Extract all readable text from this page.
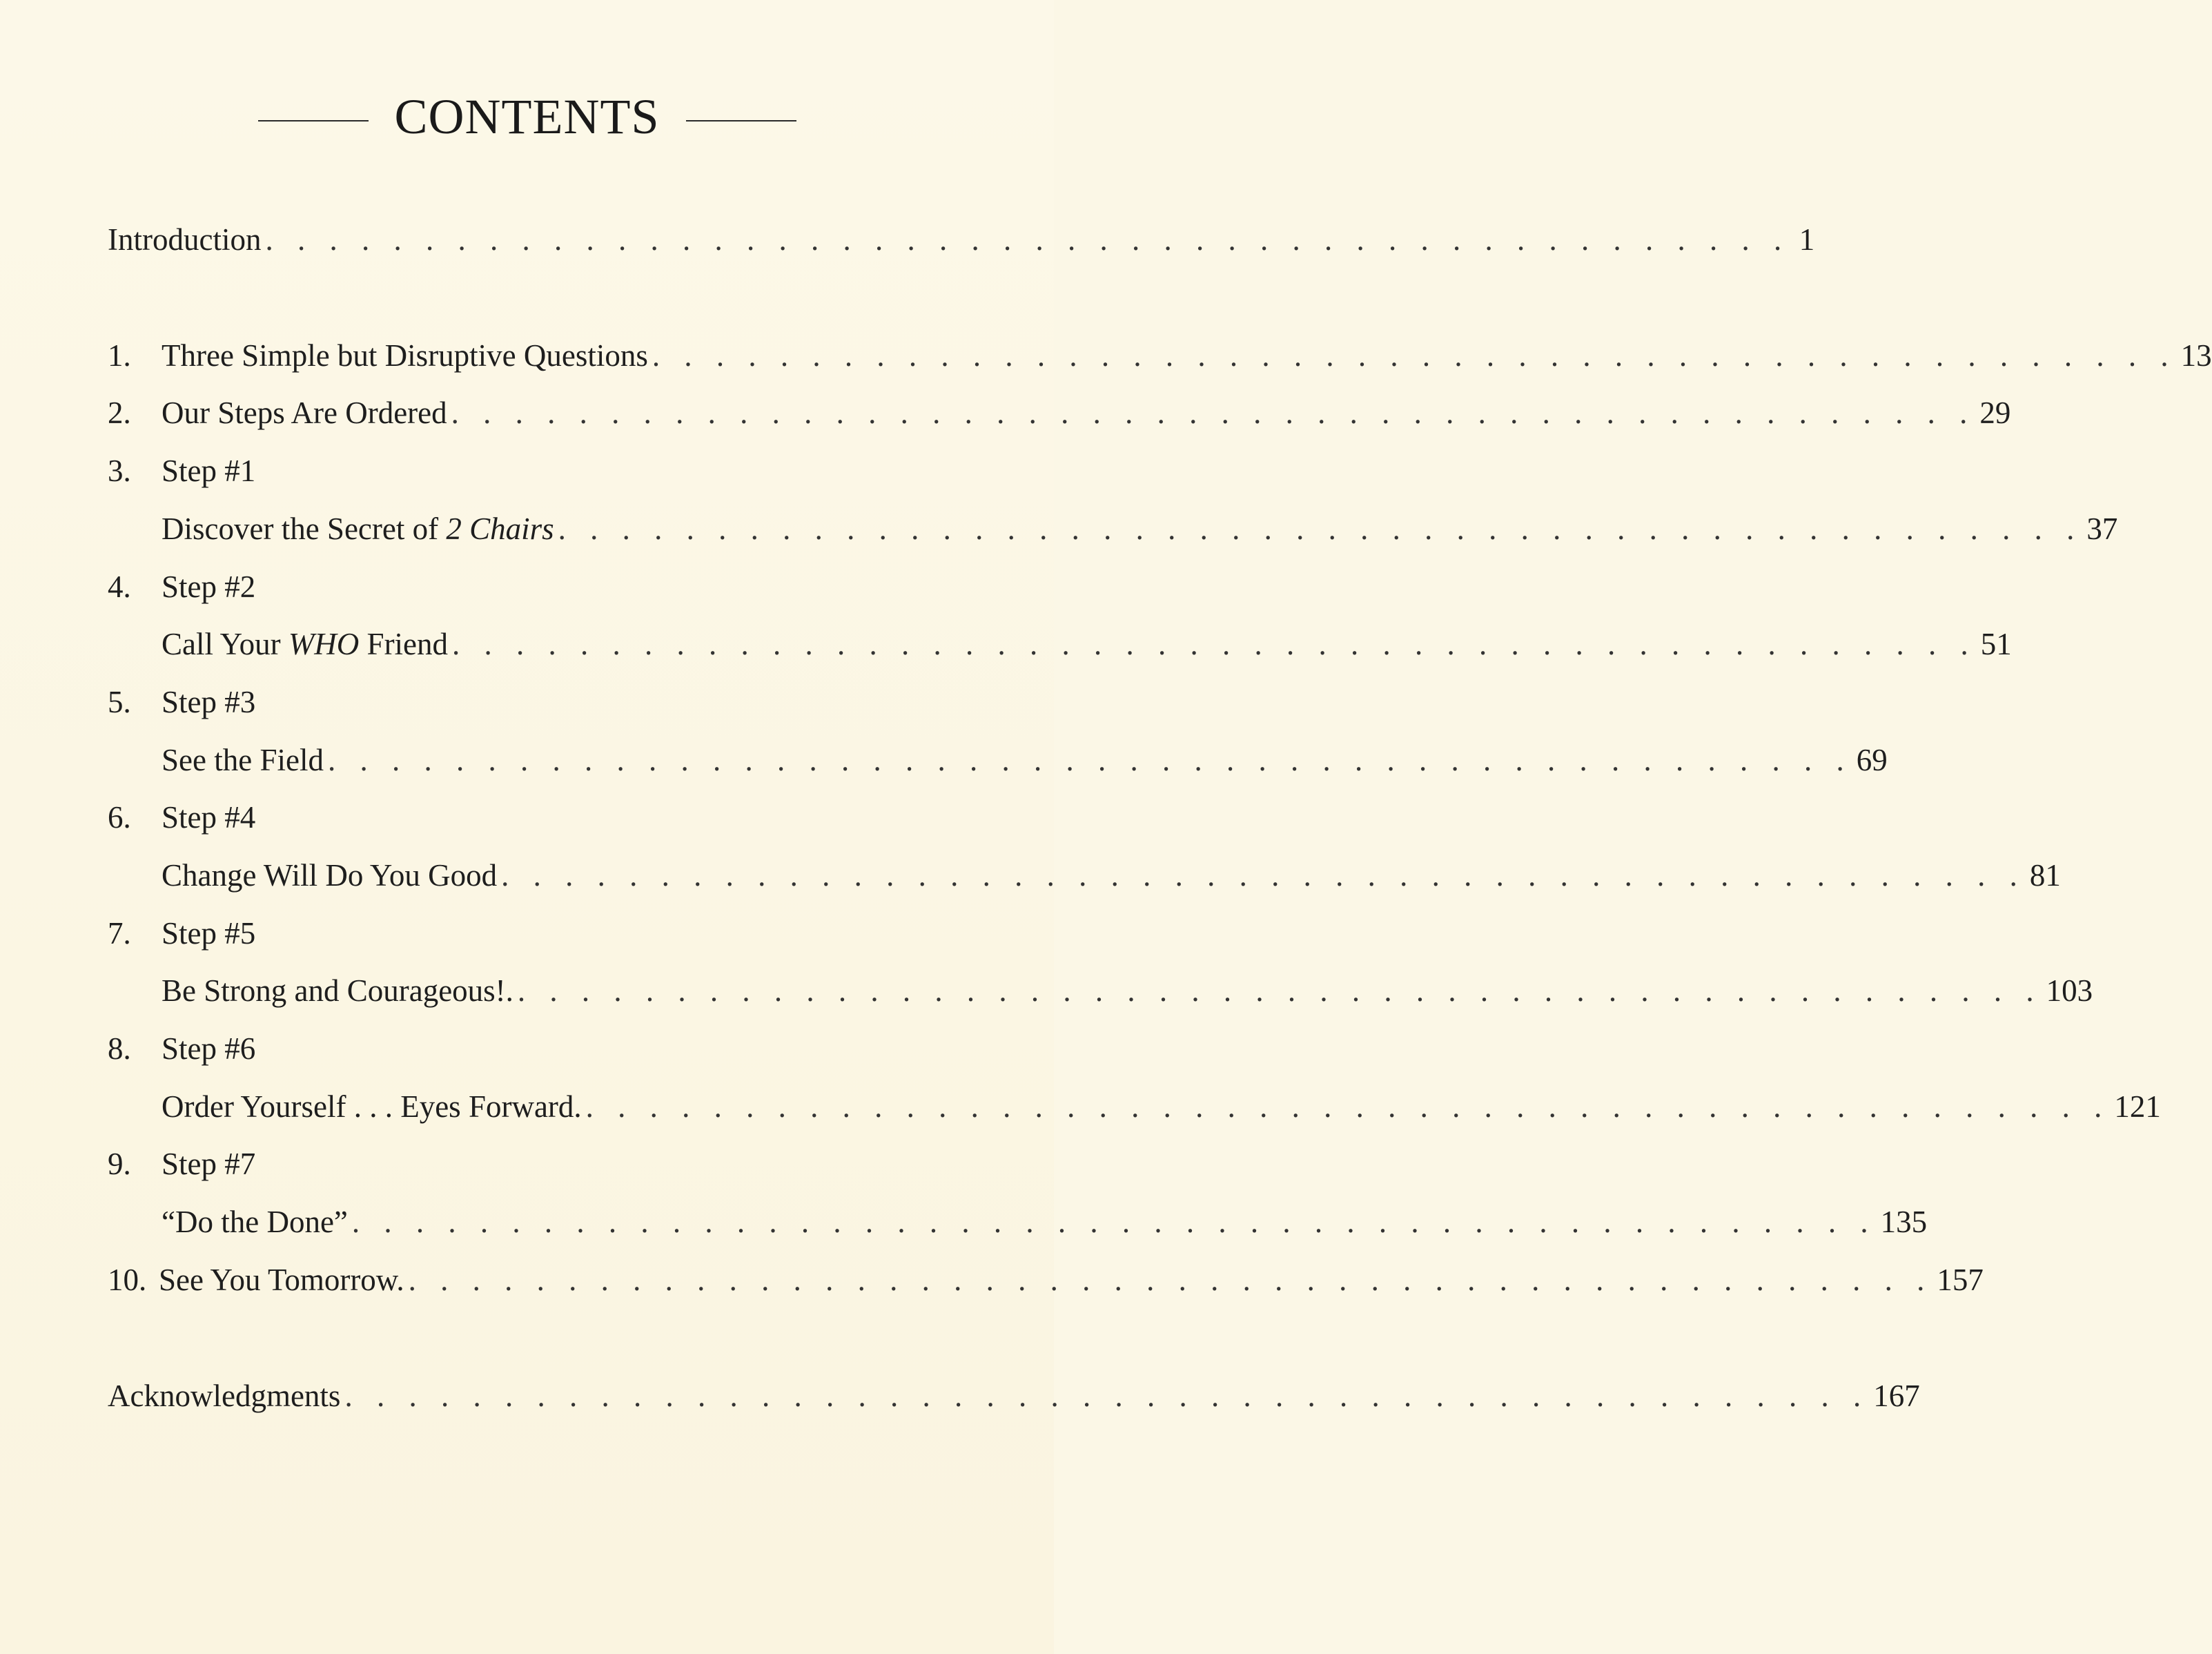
CONTENTS
Introduction . . . . . . . . . . . . . . . . . . . . . . . . . . . . . . . . . . . . . . . . . . . . . . . . 1
1. Three Simple but Disruptive Questions . . . . . . . . . . . . . . . . . . . . . . . . . . . . . . . . . . . . . . . . . . . . . . . . 13
2. Our Steps Are Ordered . . . . . . . . . . . . . . . . . . . . . . . . . . . . . . . . . . . . . . . . . . . . . . . . 29
3. Step #1
Discover the Secret of 2 Chairs . . . . . . . . . . . . . . . . . . . . . . . . . . . . . . . . . . . . . . . . . . . . . . . . 37
4. Step #2
Call Your WHO Friend . . . . . . . . . . . . . . . . . . . . . . . . . . . . . . . . . . . . . . . . . . . . . . . . 51
5. Step #3
See the Field . . . . . . . . . . . . . . . . . . . . . . . . . . . . . . . . . . . . . . . . . . . . . . . . 69
6. Step #4
Change Will Do You Good . . . . . . . . . . . . . . . . . . . . . . . . . . . . . . . . . . . . . . . . . . . . . . . . 81
7. Step #5
Be Strong and Courageous!. . . . . . . . . . . . . . . . . . . . . . . . . . . . . . . . . . . . . . . . . . . . . . . . . 103
8. Step #6
Order Yourself . . . Eyes Forward. . . . . . . . . . . . . . . . . . . . . . . . . . . . . . . . . . . . . . . . . . . . . . . . . 121
9. Step #7
“Do the Done” . . . . . . . . . . . . . . . . . . . . . . . . . . . . . . . . . . . . . . . . . . . . . . . . 135
10. See You Tomorrow. . . . . . . . . . . . . . . . . . . . . . . . . . . . . . . . . . . . . . . . . . . . . . . . . 157
Acknowledgments . . . . . . . . . . . . . . . . . . . . . . . . . . . . . . . . . . . . . . . . . . . . . . . . 167
